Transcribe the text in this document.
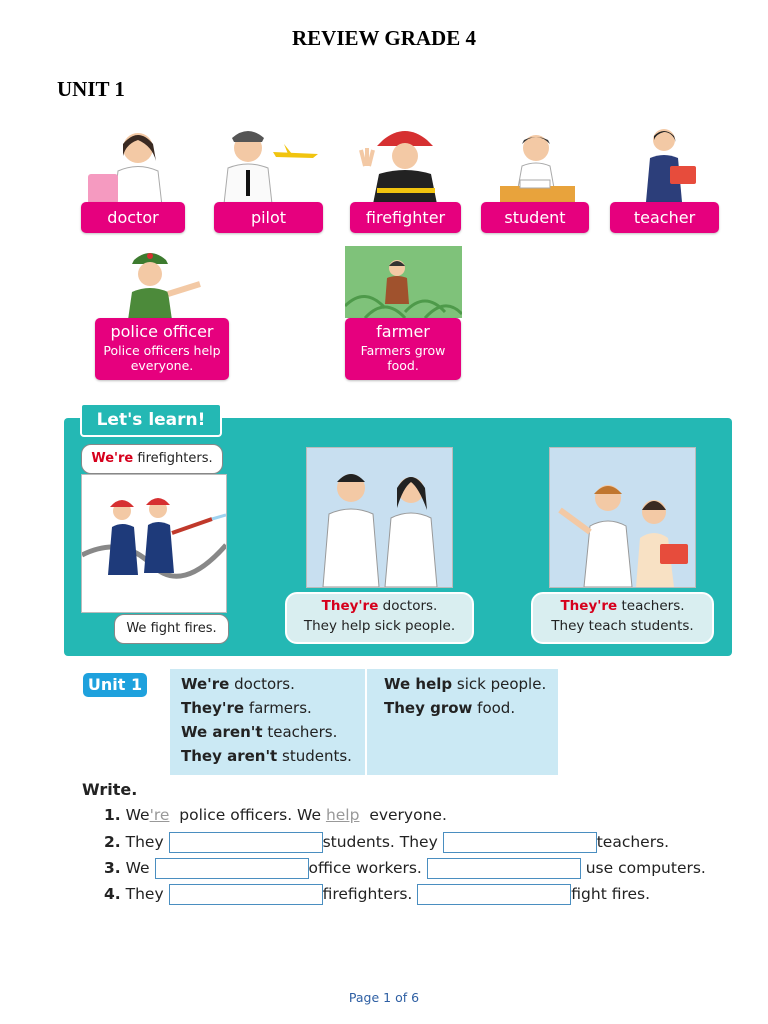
REVIEW GRADE 4
UNIT 1
doctor	pilot	firefighter	student	teacher
police officer
Police officers help everyone.
farmer
Farmers grow food.
Let's learn!
We're firefighters.
We fight fires.
They're doctors.
They help sick people.
They're teachers.
They teach students.
Unit 1	We're doctors.
They're farmers.
We aren't teachers.
They aren't students.
We help sick people.
They grow food.
Write.
1. We're police officers. We help everyone.
2. They	students. They	teachers.
3. We	office workers.	use computers.
4. They	firefighters.	fight fires.
Page 1 of 6
